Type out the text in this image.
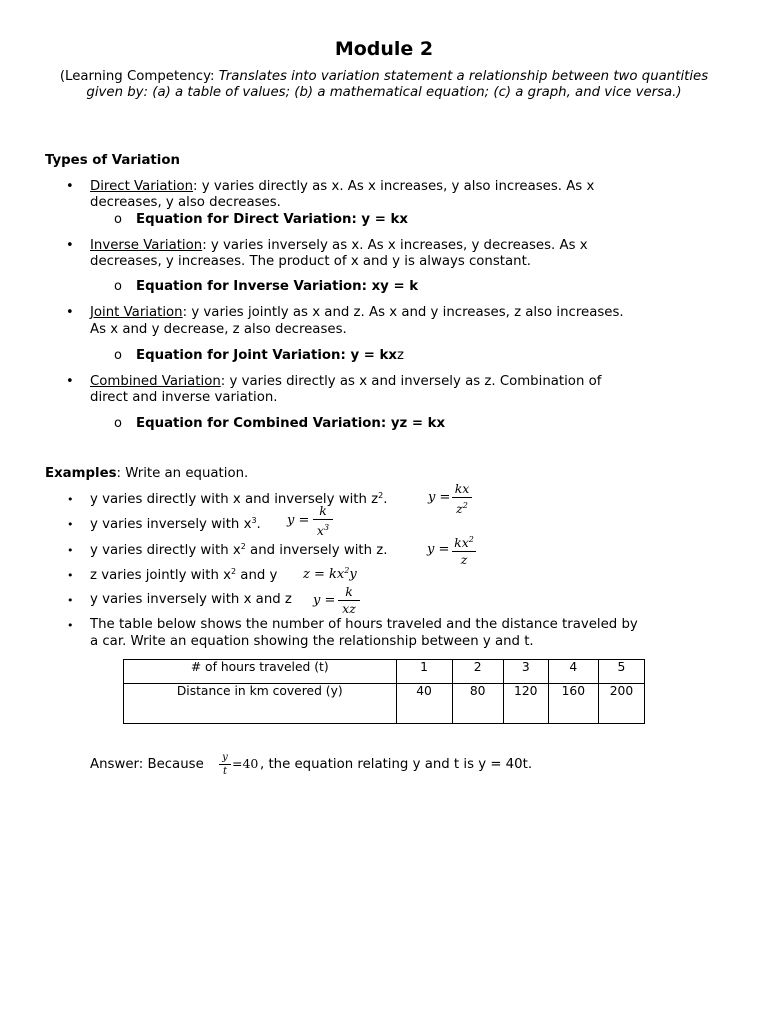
Module 2
(Learning Competency: Translates into variation statement a relationship between two quantities given by: (a) a table of values; (b) a mathematical equation; (c) a graph, and vice versa.)
Types of Variation
• Direct Variation: y varies directly as x. As x increases, y also increases. As x
decreases, y also decreases.
o Equation for Direct Variation: y = kx
• Inverse Variation: y varies inversely as x. As x increases, y decreases. As x
decreases, y increases. The product of x and y is always constant.
o Equation for Inverse Variation: xy = k
• Joint Variation: y varies jointly as x and z. As x and y increases, z also increases.
As x and y decrease, z also decreases.
o Equation for Joint Variation: y = kxz
• Combined Variation: y varies directly as x and inversely as z. Combination of
direct and inverse variation.
o Equation for Combined Variation: yz = kx
Examples: Write an equation.
• y varies directly with x and inversely with $z^2$.	y =
kx
$z^2$
• y varies inversely with $x^3$. y =
k
$x^3$
• y varies directly with $x^2$ and inversely with z.	$y = kx^2$
z
• z varies jointly with $x^2$ and y $z = kx^2y$
• y varies inversely with x and z y =
k
xz
• The table below shows the number of hours traveled and the distance traveled by
a car. Write an equation showing the relationship between y and t.
# of hours traveled (t)	1	2	3	4	5
Distance in km covered (y)	40	80	120	160	200
Answer: Because	y
t
=40 , the equation relating y and t is y = 40t.
